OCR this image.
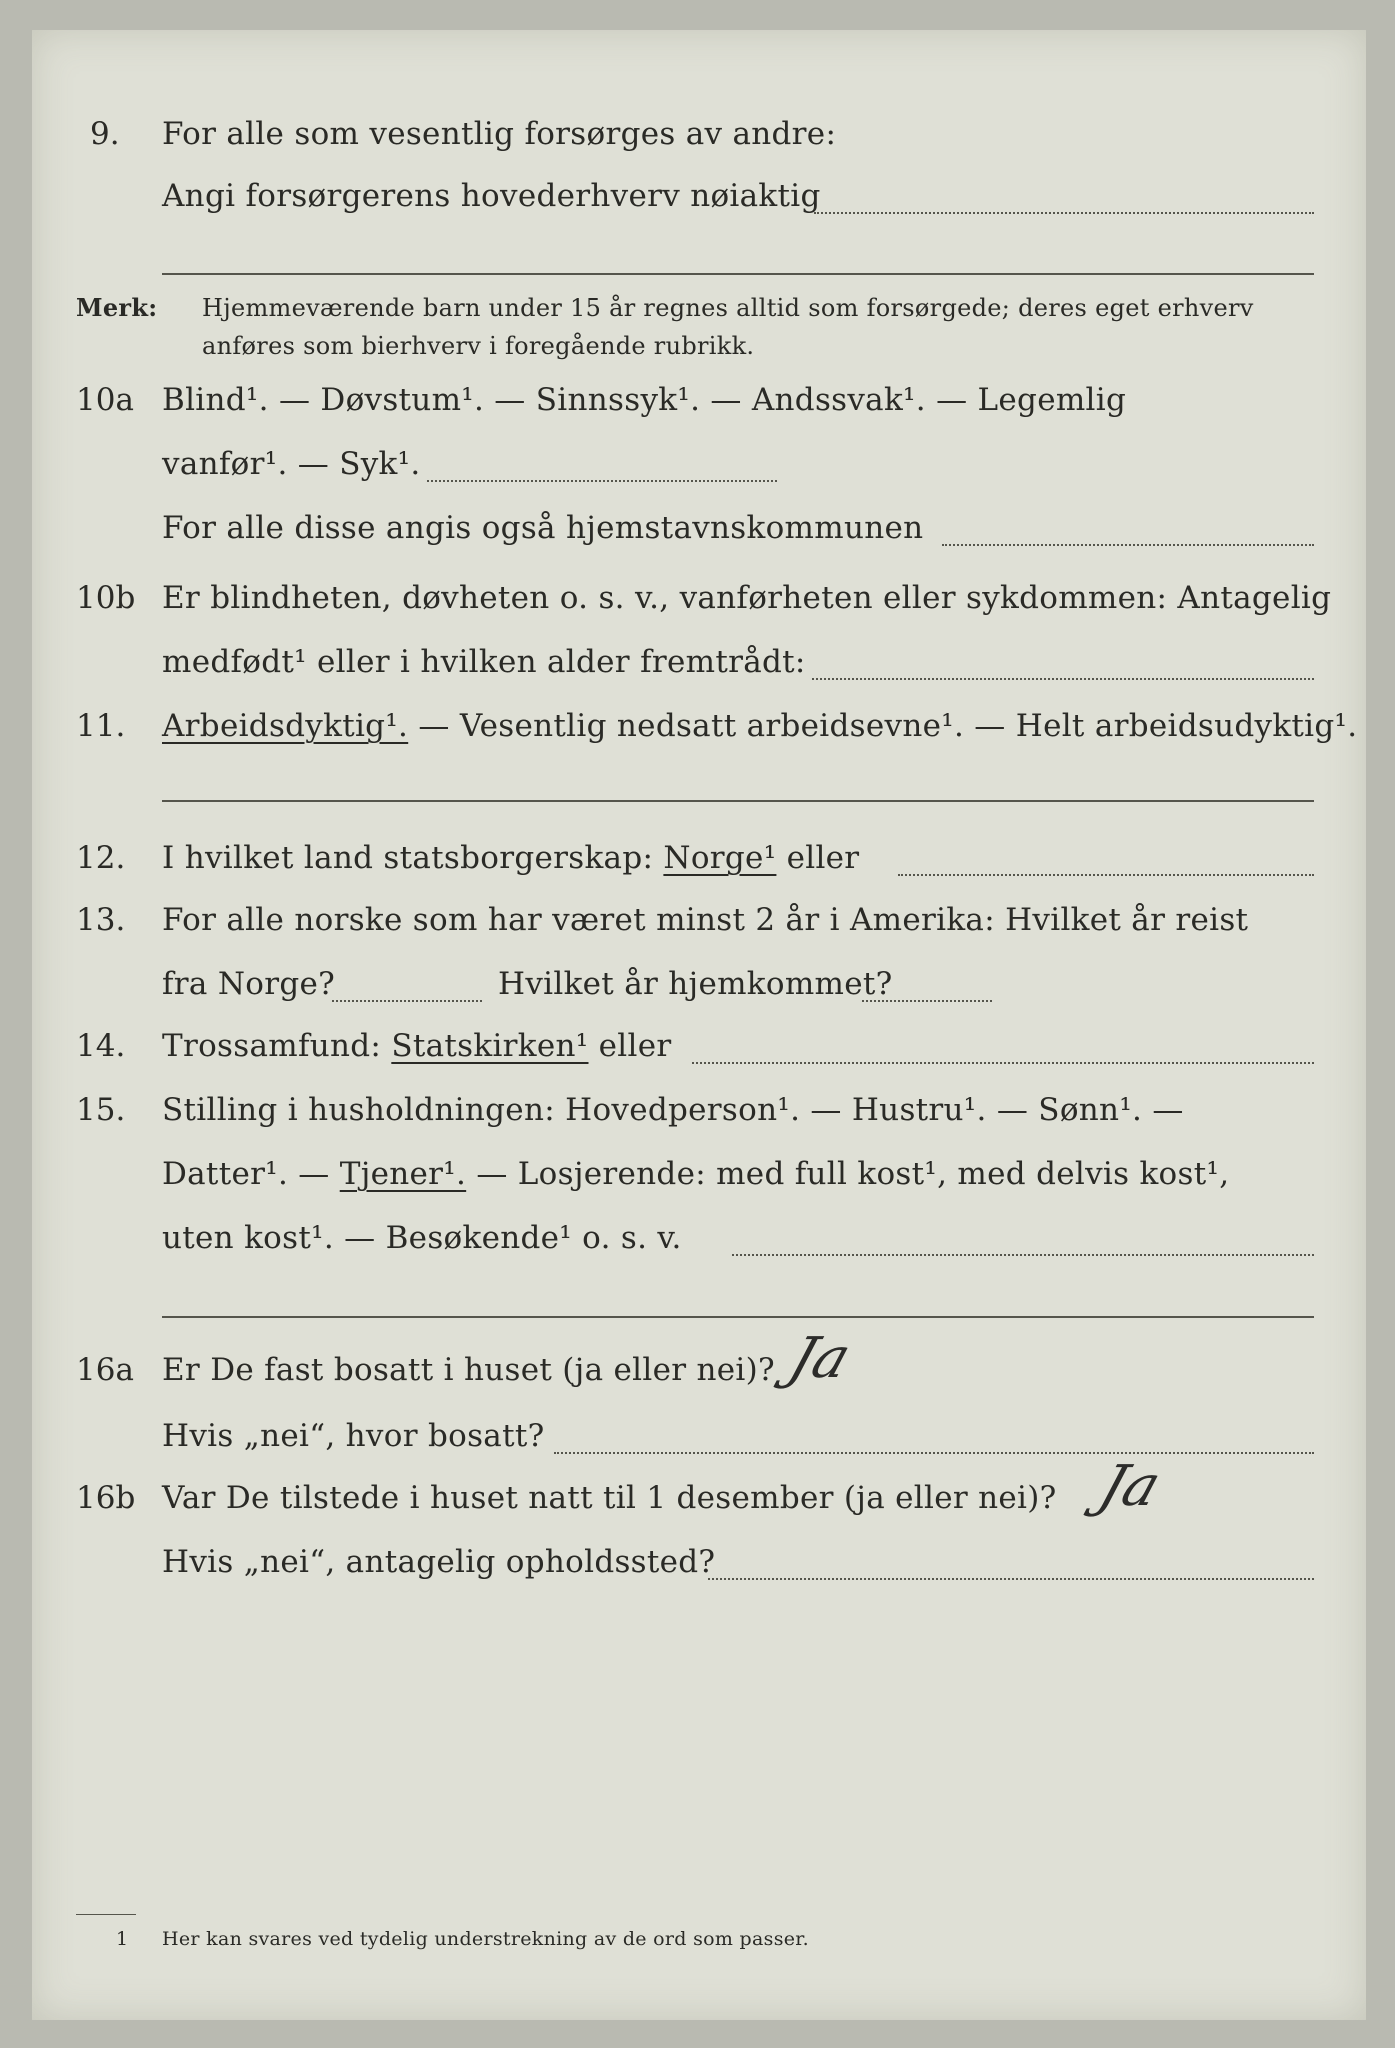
9. For alle som vesentlig forsørges av andre:
Angi forsørgerens hovederhverv nøiaktig
Merk: Hjemmeværende barn under 15 år regnes alltid som forsørgede; deres eget erhverv
anføres som bierhverv i foregående rubrikk.
10a Blind¹. — Døvstum¹. — Sinnssyk¹. — Andssvak¹. — Legemlig
vanfør¹. — Syk¹.
For alle disse angis også hjemstavnskommunen
10b Er blindheten, døvheten o. s. v., vanførheten eller sykdommen: Antagelig
medfødt¹ eller i hvilken alder fremtrådt:
11. Arbeidsdyktig¹. — Vesentlig nedsatt arbeidsevne¹. — Helt arbeidsudyktig¹.
12. I hvilket land statsborgerskap: Norge¹ eller
13. For alle norske som har været minst 2 år i Amerika: Hvilket år reist
fra Norge?	Hvilket år hjemkommet?
14. Trossamfund: Statskirken¹ eller
15. Stilling i husholdningen: Hovedperson¹. — Hustru¹. — Sønn¹. —
Datter¹. — Tjener¹. — Losjerende: med full kost¹, med delvis kost¹,
uten kost¹. — Besøkende¹ o. s. v.
16a Er De fast bosatt i huset (ja eller nei)? Ja
Hvis „nei“, hvor bosatt?
16b Var De tilstede i huset natt til 1 desember (ja eller nei)? Ja
Hvis „nei“, antagelig opholdssted?
1 Her kan svares ved tydelig understrekning av de ord som passer.
